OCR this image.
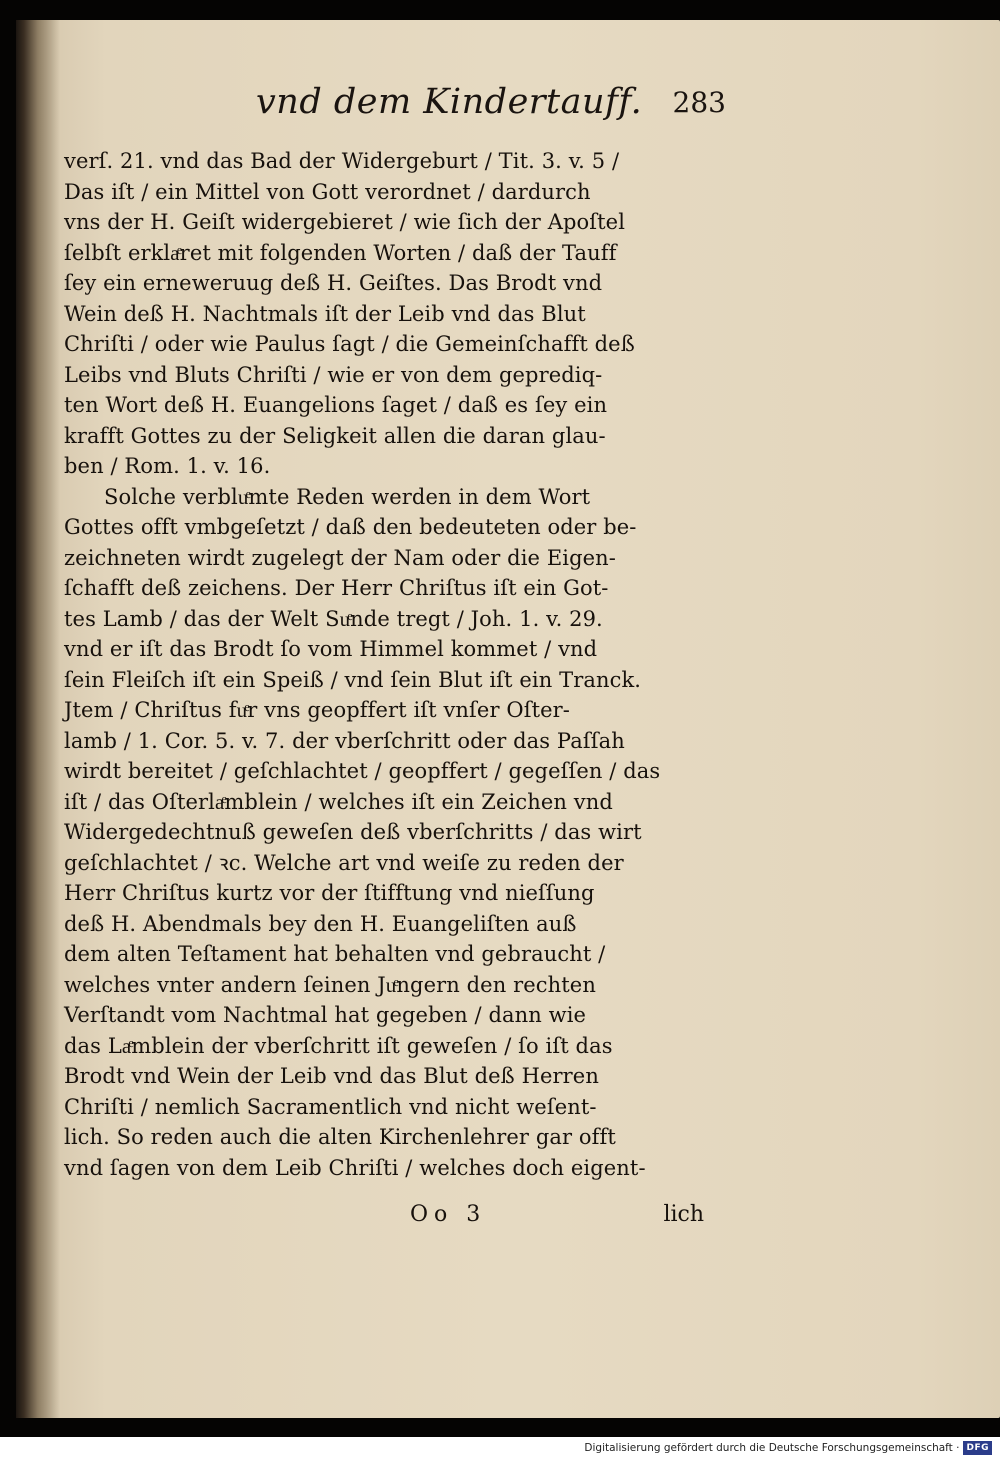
vnd dem Kindertauff. 283
verſ. 21. vnd das Bad der Widergeburt / Tit. 3. v. 5 /
Das iſt / ein Mittel von Gott verordnet / dardurch
vns der H. Geiſt widergebieret / wie ſich der Apoſtel
ſelbſt erklaͤret mit folgenden Worten / daß der Tauff
ſey ein erneweruug deß H. Geiſtes. Das Brodt vnd
Wein deß H. Nachtmals iſt der Leib vnd das Blut
Chriſti / oder wie Paulus ſagt / die Gemeinſchafft deß
Leibs vnd Bluts Chriſti / wie er von dem geprediq-
ten Wort deß H. Euangelions ſaget / daß es ſey ein
krafft Gottes zu der Seligkeit allen die daran glau-
ben / Rom. 1. v. 16.
Solche verbluͤmte Reden werden in dem Wort
Gottes offt vmbgeſetzt / daß den bedeuteten oder be-
zeichneten wirdt zugelegt der Nam oder die Eigen-
ſchafft deß zeichens. Der Herr Chriſtus iſt ein Got-
tes Lamb / das der Welt Suͤnde tregt / Joh. 1. v. 29.
vnd er iſt das Brodt ſo vom Himmel kommet / vnd
ſein Fleiſch iſt ein Speiß / vnd ſein Blut iſt ein Tranck.
Jtem / Chriſtus fuͤr vns geopffert iſt vnſer Oſter-
lamb / 1. Cor. 5. v. 7. der vberſchritt oder das Paſſah
wirdt bereitet / geſchlachtet / geopffert / gegeſſen / das
iſt / das Oſterlaͤmblein / welches iſt ein Zeichen vnd
Widergedechtnuß geweſen deß vberſchritts / das wirt
geſchlachtet / ꝛc. Welche art vnd weiſe zu reden der
Herr Chriſtus kurtz vor der ſtifftung vnd nieſſung
deß H. Abendmals bey den H. Euangeliſten auß
dem alten Teſtament hat behalten vnd gebraucht /
welches vnter andern ſeinen Juͤngern den rechten
Verſtandt vom Nachtmal hat gegeben / dann wie
das Laͤmblein der vberſchritt iſt geweſen / ſo iſt das
Brodt vnd Wein der Leib vnd das Blut deß Herren
Chriſti / nemlich Sacramentlich vnd nicht weſent-
lich. So reden auch die alten Kirchenlehrer gar offt
vnd ſagen von dem Leib Chriſti / welches doch eigent-
Oo 3	lich
Digitalisierung gefördert durch die Deutsche Forschungsgemeinschaft · DFG
